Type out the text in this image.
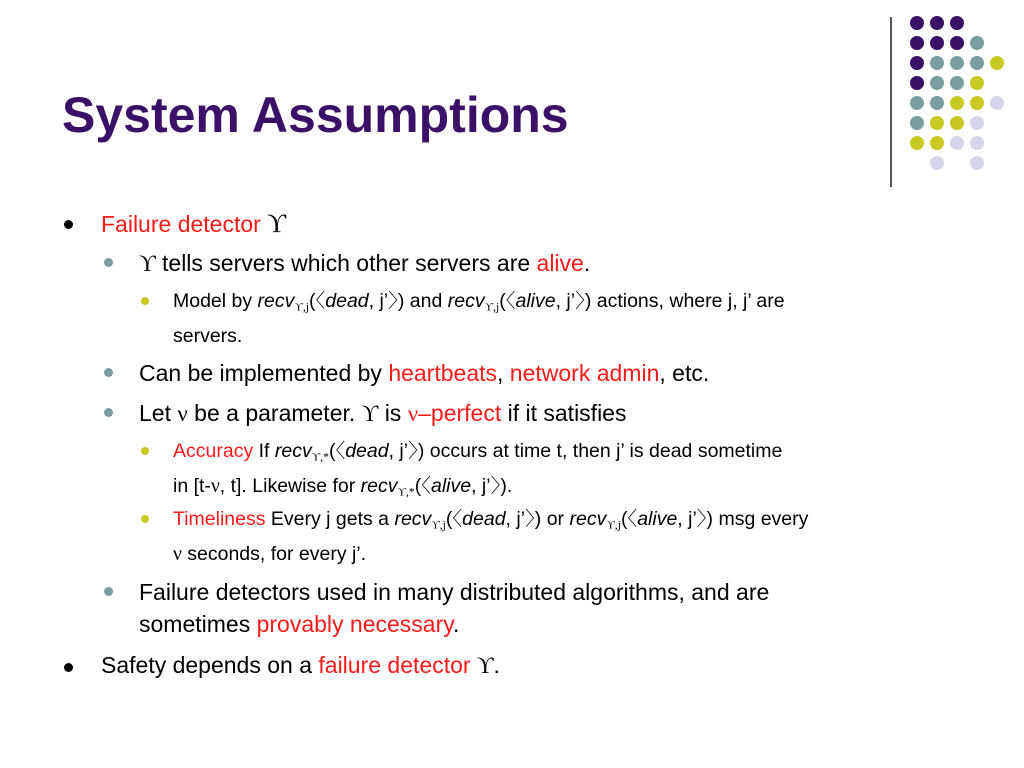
System Assumptions

Failure detector ϒ

ϒ tells servers which other servers are alive.

Model by recv$_{ϒ,j}$(〈dead, j’〉) and recv$_{ϒ,j}$(〈alive, j’〉) actions, where j, j’ are
servers.

Can be implemented by heartbeats, network admin, etc.

Let ν be a parameter. ϒ is ν–perfect if it satisfies

Accuracy If recv$_{ϒ,*}$(〈dead, j’〉) occurs at time t, then j’ is dead sometime
in [t-ν, t]. Likewise for recv$_{ϒ,*}$(〈alive, j’〉).

Timeliness Every j gets a recv$_{ϒ,j}$(〈dead, j’〉) or recv$_{ϒ,j}$(〈alive, j’〉) msg every
ν seconds, for every j’.

Failure detectors used in many distributed algorithms, and are
sometimes provably necessary.

Safety depends on a failure detector ϒ.
